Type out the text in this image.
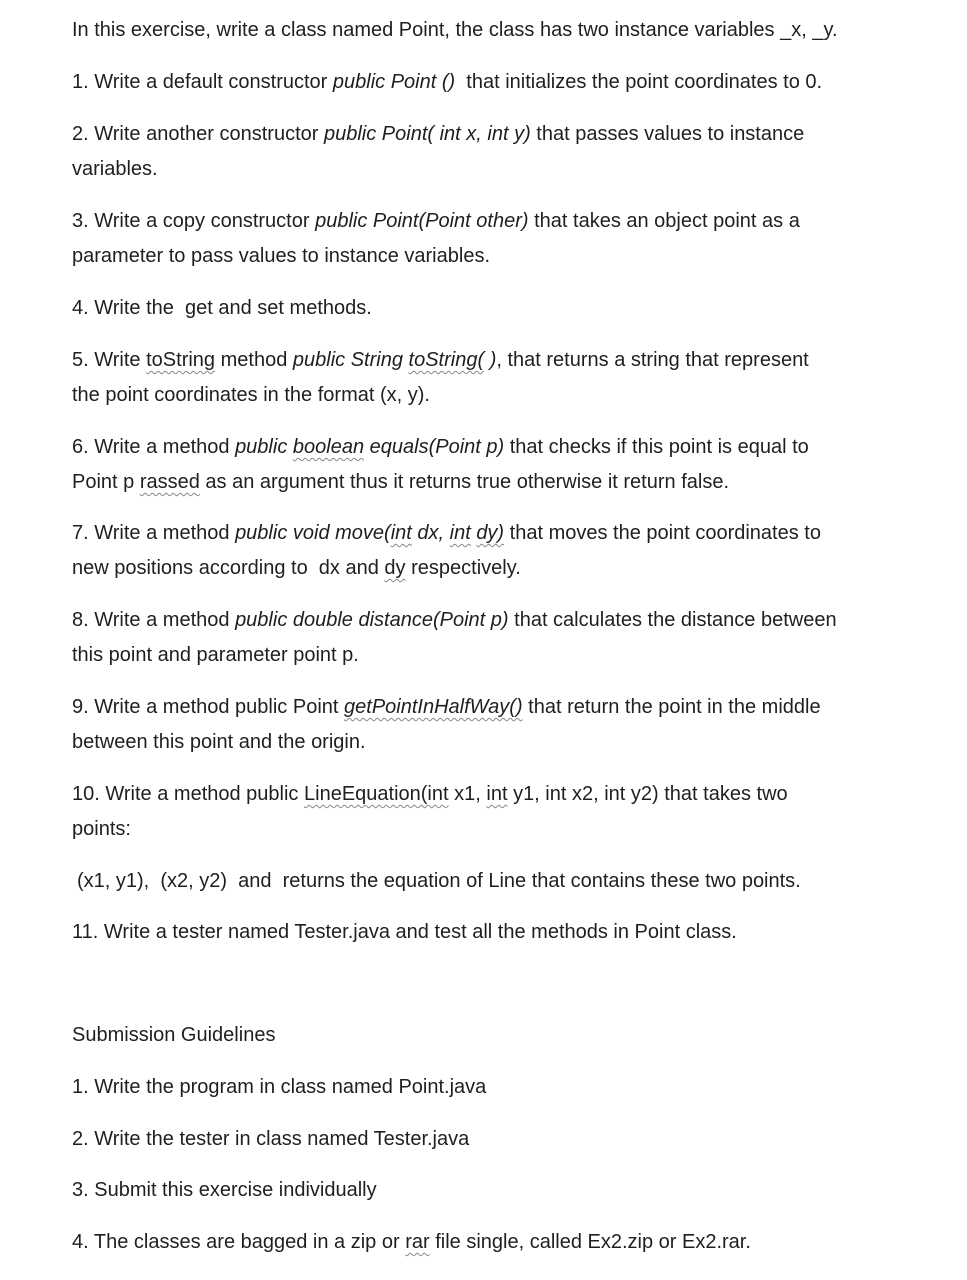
In this exercise, write a class named Point, the class has two instance variables _x, _y.
1. Write a default constructor public Point () that initializes the point coordinates to 0.
2. Write another constructor public Point( int x, int y) that passes values to instance
variables.
3. Write a copy constructor public Point(Point other) that takes an object point as a
parameter to pass values to instance variables.
4. Write the  get and set methods.
5. Write toString method public String toString( ), that returns a string that represent
the point coordinates in the format (x, y).
6. Write a method public boolean equals(Point p) that checks if this point is equal to
Point p rassed as an argument thus it returns true otherwise it return false.
7. Write a method public void move(int dx, int dy) that moves the point coordinates to
new positions according to  dx and dy respectively.
8. Write a method public double distance(Point p) that calculates the distance between
this point and parameter point p.
9. Write a method public Point getPointInHalfWay() that return the point in the middle
between this point and the origin.
10. Write a method public LineEquation(int x1, int y1, int x2, int y2) that takes two
points:
(x1, y1),  (x2, y2)  and  returns the equation of Line that contains these two points.
11. Write a tester named Tester.java and test all the methods in Point class.
Submission Guidelines
1. Write the program in class named Point.java
2. Write the tester in class named Tester.java
3. Submit this exercise individually
4. The classes are bagged in a zip or rar file single, called Ex2.zip or Ex2.rar.
